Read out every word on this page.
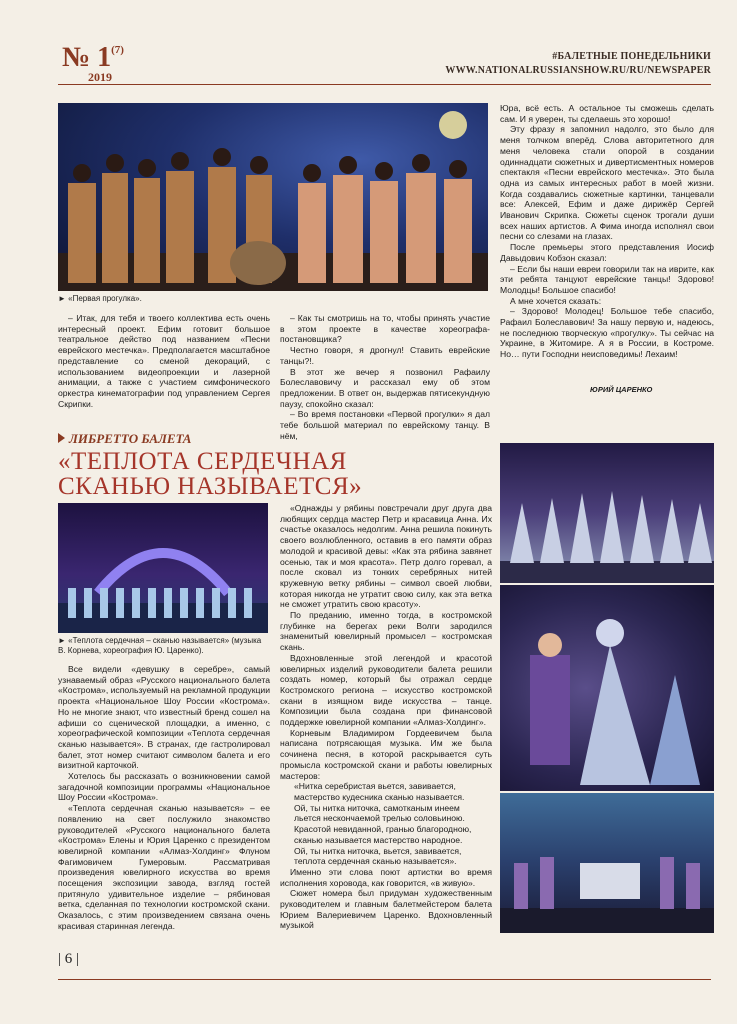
№ 1$^{(7)}$
2019
#БАЛЕТНЫЕ ПОНЕДЕЛЬНИКИ
WWW.NATIONALRUSSIANSHOW.RU/RU/NEWSPAPER
► «Первая прогулка».

– Итак, для тебя и твоего коллектива есть очень интересный проект. Ефим готовит большое театральное действо под названием «Песни еврейского местечка». Предполагается масштабное представление со сменой декораций, с использованием видеопроекции и лазерной анимации, а также с участием симфонического оркестра кинематографии под управлением Сергея Скрипки.

– Как ты смотришь на то, чтобы принять участие в этом проекте в качестве хореографа-постановщика?

Честно говоря, я дрогнул! Ставить еврейские танцы?!.

В этот же вечер я позвонил Рафаилу Болеславовичу и рассказал ему об этом предложении. В ответ он, выдержав пятисекундную паузу, спокойно сказал:

– Во время постановки «Первой прогулки» я дал тебе большой материал по еврейскому танцу. В нём,

Юра, всё есть. А остальное ты сможешь сделать сам. И я уверен, ты сделаешь это хорошо!

Эту фразу я запомнил надолго, это было для меня толчком вперёд. Слова авторитетного для меня человека стали опорой в создании одиннадцати сюжетных и дивертисментных номеров спектакля «Песни еврейского местечка». Это была одна из самых интересных работ в моей жизни. Когда создавались сюжетные картинки, танцевали все: Алексей, Ефим и даже дирижёр Сергей Иванович Скрипка. Сюжеты сценок трогали души всех наших артистов. А Фима иногда исполнял свои песни со слезами на глазах.

После премьеры этого представления Иосиф Давыдович Кобзон сказал:

– Если бы наши евреи говорили так на иврите, как эти ребята танцуют еврейские танцы! Здорово! Молодцы! Большое спасибо!

А мне хочется сказать:

– Здорово! Молодец! Большое тебе спасибо, Рафаил Болеславович! За нашу первую и, надеюсь, не последнюю творческую «прогулку». Ты сейчас на Украине, в Житомире. А я в России, в Костроме. Но… пути Господни неисповедимы! Лехаим!

ЮРИЙ ЦАРЕНКО
ЛИБРЕТТО БАЛЕТА
«ТЕПЛОТА СЕРДЕЧНАЯ
СКАНЬЮ НАЗЫВАЕТСЯ»
► «Теплота сердечная – сканью называется» (музыка В. Корнева, хореография Ю. Царенко).

Все видели «девушку в серебре», самый узнаваемый образ «Русского национального балета «Кострома», используемый на рекламной продукции проекта «Национальное Шоу России «Кострома». Но не многие знают, что известный бренд сошел на афиши со сценической площадки, а именно, с хореографической композиции «Теплота сердечная сканью называется». В странах, где гастролировал балет, этот номер считают символом балета и его визитной карточкой.

Хотелось бы рассказать о возникновении самой загадочной композиции программы «Национальное Шоу России «Кострома».

«Теплота сердечная сканью называется» – ее появлению на свет послужило знакомство руководителей «Русского национального балета «Кострома» Елены и Юрия Царенко с президентом ювелирной компании «Алмаз-Холдинг» Флуном Фагимовичем Гумеровым. Рассматривая произведения ювелирного искусства во время посещения экспозиции завода, взгляд гостей притянуло удивительное изделие – рябиновая ветка, сделанная по технологии костромской скани. Оказалось, с этим произведением связана очень красивая старинная легенда.

«Однажды у рябины повстречали друг друга два любящих сердца мастер Петр и красавица Анна. Их счастье оказалось недолгим. Анна решила покинуть своего возлюбленного, оставив в его памяти образ молодой и красивой девы: «Как эта рябина завянет осенью, так и моя красота». Петр долго горевал, а после сковал из тонких серебряных нитей кружевную ветку рябины – символ своей любви, которая никогда не утратит свою силу, как эта ветка не сможет утратить свою красоту».

По преданию, именно тогда, в костромской глубинке на берегах реки Волги зародился знаменитый ювелирный промысел – костромская скань.

Вдохновленные этой легендой и красотой ювелирных изделий руководители балета решили создать номер, который бы отражал сердце Костромского региона – искусство костромской скани в изящном виде искусства – танце. Композиции была создана при финансовой поддержке ювелирной компании «Алмаз-Холдинг».

Корневым Владимиром Гордеевичем была написана потрясающая музыка. Им же была сочинена песня, в которой раскрывается суть промысла костромской скани и работы ювелирных мастеров:

«Нитка серебристая вьется, завивается,

мастерство кудесника сканью называется.

Ой, ты нитка ниточка, самотканым инеем

льется нескончаемой трелью соловьиною.

Красотой невиданной, гранью благородною,

сканью называется мастерство народное.

Ой, ты нитка ниточка, вьется, завивается,

теплота сердечная сканью называется».

Именно эти слова поют артистки во время исполнения хоровода, как говорится, «в живую».

Сюжет номера был придуман художественным руководителем и главным балетмейстером балета Юрием Валериевичем Царенко. Вдохновленный музыкой

| 6 |
